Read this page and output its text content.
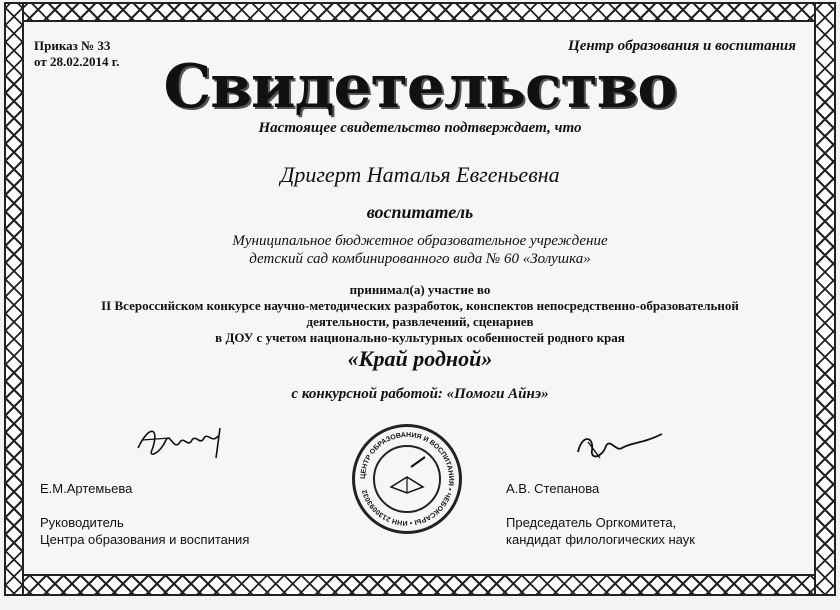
Приказ № 33
от 28.02.2014 г.
Центр образования и воспитания
Свидетельство
Настоящее свидетельство подтверждает, что
Дригерт Наталья Евгеньевна
воспитатель
Муниципальное бюджетное образовательное учреждение
детский сад комбинированного вида № 60 «Золушка»
принимал(а) участие во
II Всероссийском конкурсе научно-методических разработок, конспектов непосредственно-образовательной
деятельности, развлечений, сценариев
в ДОУ с учетом национально-культурных особенностей родного края
«Край родной»
с конкурсной работой: «Помоги Айнэ»
ЦЕНТР ОБРАЗОВАНИЯ И ВОСПИТАНИЯ • ЧЕБОКСАРЫ • ИНН 2130093032
Е.М.Артемьева
Руководитель
Центра образования и воспитания
А.В. Степанова
Председатель Оргкомитета,
кандидат филологических наук
